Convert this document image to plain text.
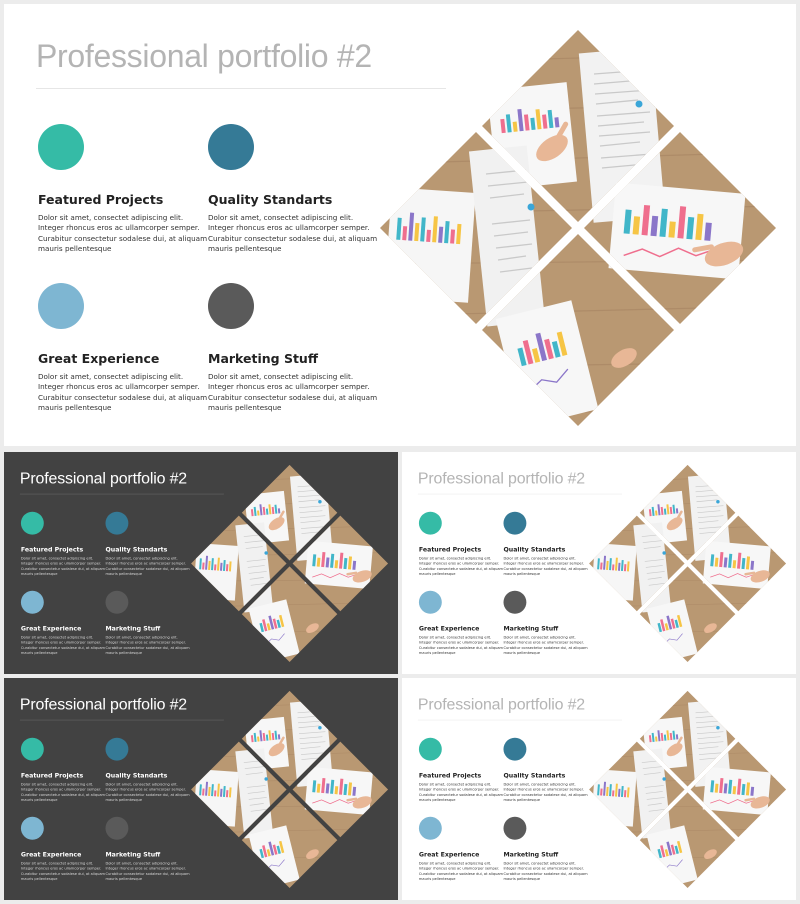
Professional portfolio #2
Featured Projects
Dolor sit amet, consectet adipiscing elit. Integer rhoncus eros ac ullamcorper semper. Curabitur consectetur sodalese dui, at aliquam mauris pellentesque
Quality Standarts
Dolor sit amet, consectet adipiscing elit. Integer rhoncus eros ac ullamcorper semper. Curabitur consectetur sodalese dui, at aliquam mauris pellentesque
Great Experience
Dolor sit amet, consectet adipiscing elit. Integer rhoncus eros ac ullamcorper semper. Curabitur consectetur sodalese dui, at aliquam mauris pellentesque
Marketing Stuff
Dolor sit amet, consectet adipiscing elit. Integer rhoncus eros ac ullamcorper semper. Curabitur consectetur sodalese dui, at aliquam mauris pellentesque
Professional portfolio #2
Featured Projects
Dolor sit amet, consectet adipiscing elit. Integer rhoncus eros ac ullamcorper semper. Curabitur consectetur sodalese dui, at aliquam mauris pellentesque
Quality Standarts
Dolor sit amet, consectet adipiscing elit. Integer rhoncus eros ac ullamcorper semper. Curabitur consectetur sodalese dui, at aliquam mauris pellentesque
Great Experience
Dolor sit amet, consectet adipiscing elit. Integer rhoncus eros ac ullamcorper semper. Curabitur consectetur sodalese dui, at aliquam mauris pellentesque
Marketing Stuff
Dolor sit amet, consectet adipiscing elit. Integer rhoncus eros ac ullamcorper semper. Curabitur consectetur sodalese dui, at aliquam mauris pellentesque
Professional portfolio #2
Featured Projects
Dolor sit amet, consectet adipiscing elit. Integer rhoncus eros ac ullamcorper semper. Curabitur consectetur sodalese dui, at aliquam mauris pellentesque
Quality Standarts
Dolor sit amet, consectet adipiscing elit. Integer rhoncus eros ac ullamcorper semper. Curabitur consectetur sodalese dui, at aliquam mauris pellentesque
Great Experience
Dolor sit amet, consectet adipiscing elit. Integer rhoncus eros ac ullamcorper semper. Curabitur consectetur sodalese dui, at aliquam mauris pellentesque
Marketing Stuff
Dolor sit amet, consectet adipiscing elit. Integer rhoncus eros ac ullamcorper semper. Curabitur consectetur sodalese dui, at aliquam mauris pellentesque
Professional portfolio #2
Featured Projects
Dolor sit amet, consectet adipiscing elit. Integer rhoncus eros ac ullamcorper semper. Curabitur consectetur sodalese dui, at aliquam mauris pellentesque
Quality Standarts
Dolor sit amet, consectet adipiscing elit. Integer rhoncus eros ac ullamcorper semper. Curabitur consectetur sodalese dui, at aliquam mauris pellentesque
Great Experience
Dolor sit amet, consectet adipiscing elit. Integer rhoncus eros ac ullamcorper semper. Curabitur consectetur sodalese dui, at aliquam mauris pellentesque
Marketing Stuff
Dolor sit amet, consectet adipiscing elit. Integer rhoncus eros ac ullamcorper semper. Curabitur consectetur sodalese dui, at aliquam mauris pellentesque
Professional portfolio #2
Featured Projects
Dolor sit amet, consectet adipiscing elit. Integer rhoncus eros ac ullamcorper semper. Curabitur consectetur sodalese dui, at aliquam mauris pellentesque
Quality Standarts
Dolor sit amet, consectet adipiscing elit. Integer rhoncus eros ac ullamcorper semper. Curabitur consectetur sodalese dui, at aliquam mauris pellentesque
Great Experience
Dolor sit amet, consectet adipiscing elit. Integer rhoncus eros ac ullamcorper semper. Curabitur consectetur sodalese dui, at aliquam mauris pellentesque
Marketing Stuff
Dolor sit amet, consectet adipiscing elit. Integer rhoncus eros ac ullamcorper semper. Curabitur consectetur sodalese dui, at aliquam mauris pellentesque
